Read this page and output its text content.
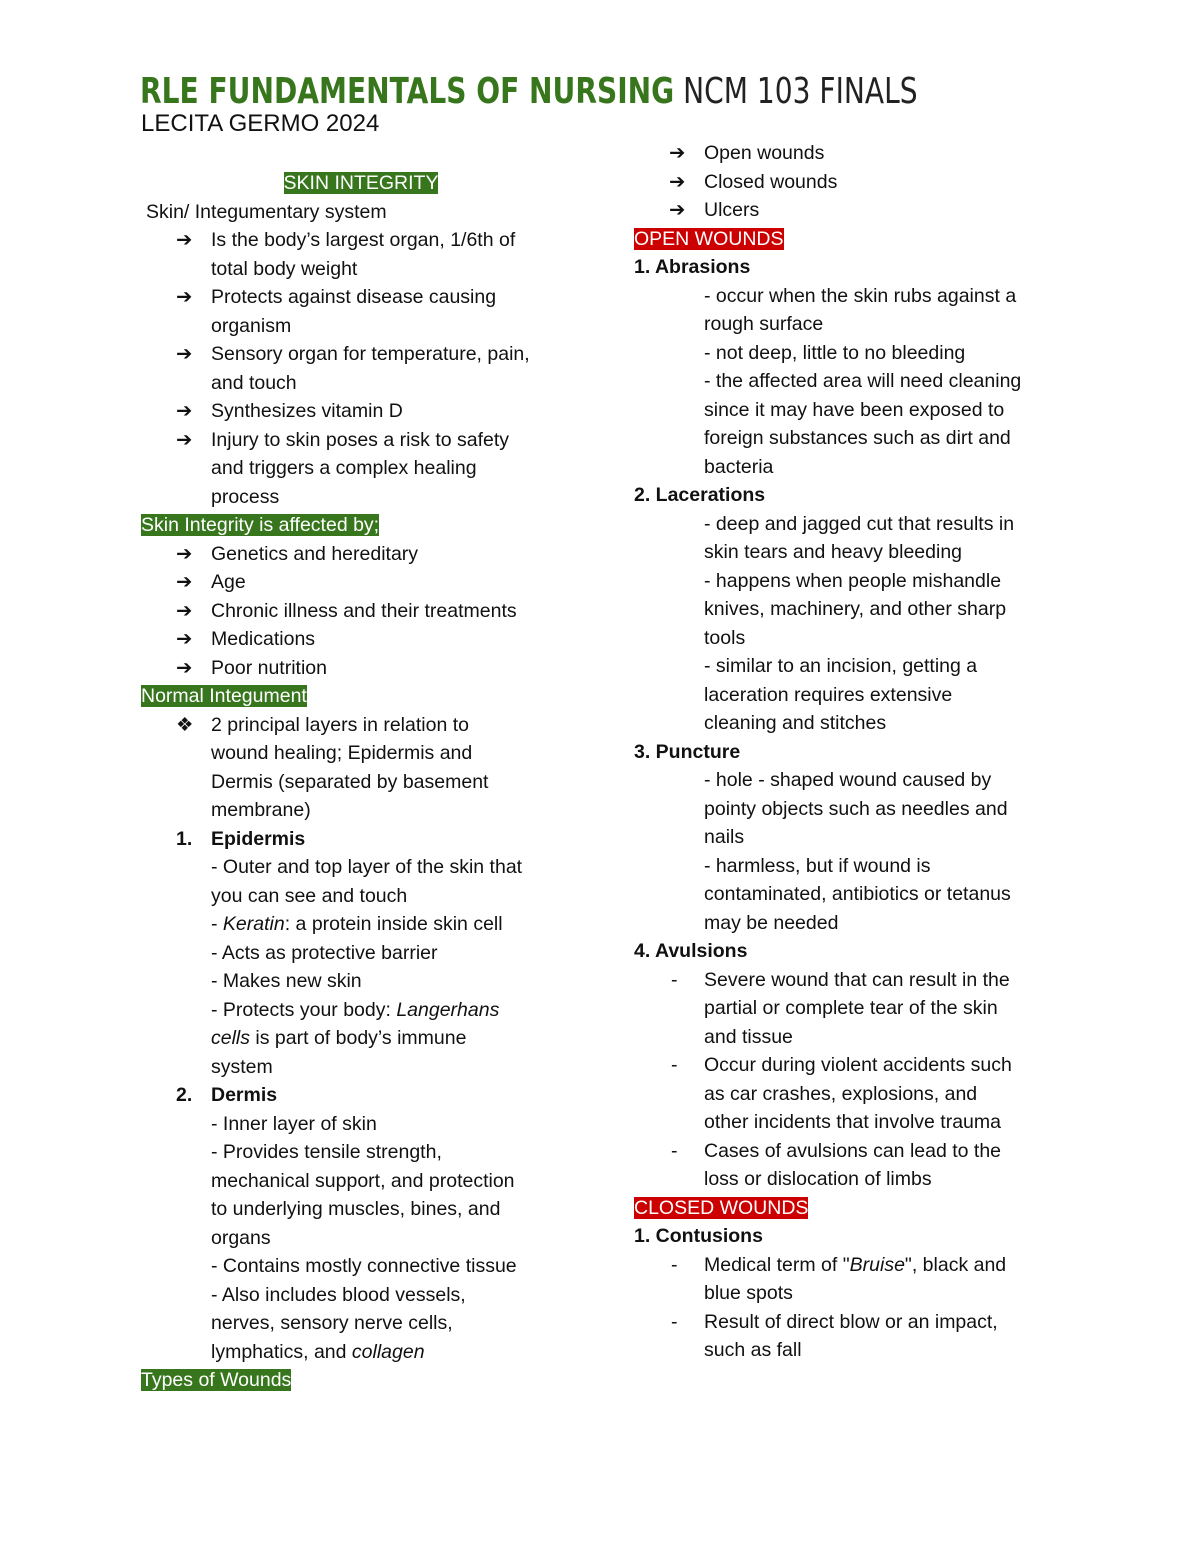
RLE FUNDAMENTALS OF NURSING NCM 103 FINALS
LECITA GERMO 2024
SKIN INTEGRITY
Skin/ Integumentary system
➔ Is the body’s largest organ, 1/6th of
total body weight
➔ Protects against disease causing
organism
➔ Sensory organ for temperature, pain,
and touch
➔ Synthesizes vitamin D
➔ Injury to skin poses a risk to safety
and triggers a complex healing
process
Skin Integrity is affected by;
➔ Genetics and hereditary
➔ Age
➔ Chronic illness and their treatments
➔ Medications
➔ Poor nutrition
Normal Integument
❖ 2 principal layers in relation to
wound healing; Epidermis and
Dermis (separated by basement
membrane)
1. Epidermis
- Outer and top layer of the skin that
you can see and touch
- Keratin: a protein inside skin cell
- Acts as protective barrier
- Makes new skin
- Protects your body: Langerhans
cells is part of body’s immune
system
2. Dermis
- Inner layer of skin
- Provides tensile strength,
mechanical support, and protection
to underlying muscles, bines, and
organs
- Contains mostly connective tissue
- Also includes blood vessels,
nerves, sensory nerve cells,
lymphatics, and collagen
Types of Wounds
➔ Open wounds
➔ Closed wounds
➔ Ulcers
OPEN WOUNDS
1. Abrasions
- occur when the skin rubs against a
rough surface
- not deep, little to no bleeding
- the affected area will need cleaning
since it may have been exposed to
foreign substances such as dirt and
bacteria
2. Lacerations
- deep and jagged cut that results in
skin tears and heavy bleeding
- happens when people mishandle
knives, machinery, and other sharp
tools
- similar to an incision, getting a
laceration requires extensive
cleaning and stitches
3. Puncture
- hole - shaped wound caused by
pointy objects such as needles and
nails
- harmless, but if wound is
contaminated, antibiotics or tetanus
may be needed
4. Avulsions
- Severe wound that can result in the
partial or complete tear of the skin
and tissue
- Occur during violent accidents such
as car crashes, explosions, and
other incidents that involve trauma
- Cases of avulsions can lead to the
loss or dislocation of limbs
CLOSED WOUNDS
1. Contusions
- Medical term of "Bruise", black and
blue spots
- Result of direct blow or an impact,
such as fall
